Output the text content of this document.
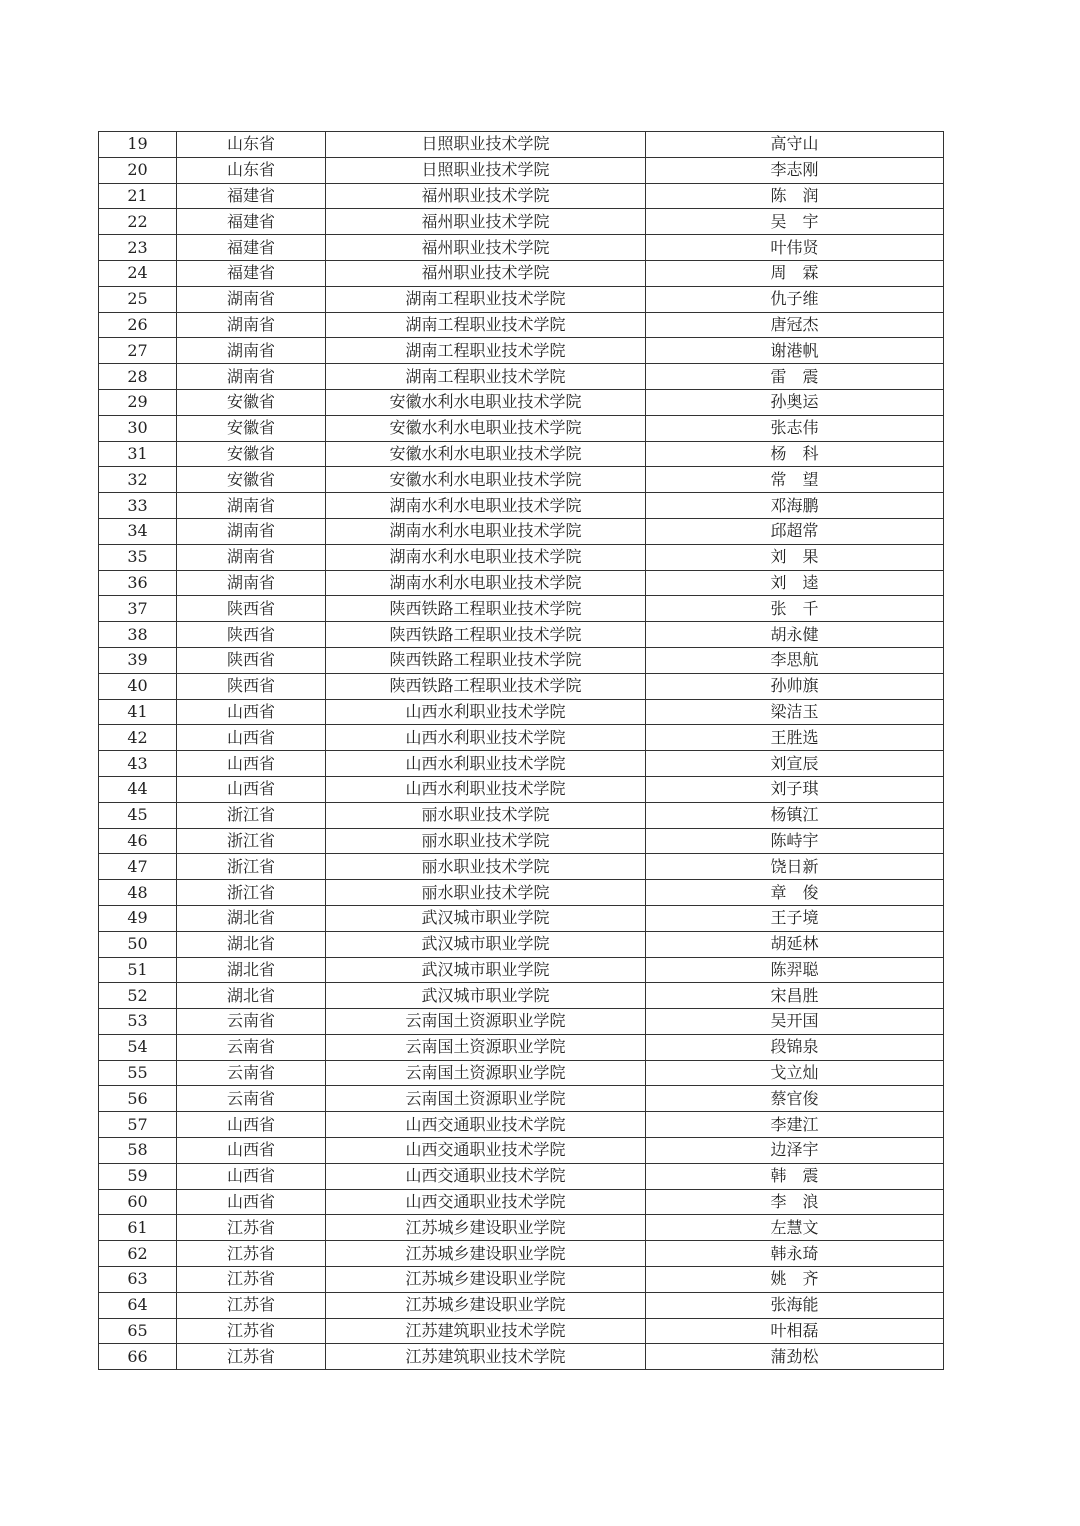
19	山东省	日照职业技术学院	高守山
20	山东省	日照职业技术学院	李志刚
21	福建省	福州职业技术学院	陈　润
22	福建省	福州职业技术学院	吴　宇
23	福建省	福州职业技术学院	叶伟贤
24	福建省	福州职业技术学院	周　霖
25	湖南省	湖南工程职业技术学院	仇子维
26	湖南省	湖南工程职业技术学院	唐冠杰
27	湖南省	湖南工程职业技术学院	谢港帆
28	湖南省	湖南工程职业技术学院	雷　震
29	安徽省	安徽水利水电职业技术学院	孙奥运
30	安徽省	安徽水利水电职业技术学院	张志伟
31	安徽省	安徽水利水电职业技术学院	杨　科
32	安徽省	安徽水利水电职业技术学院	常　望
33	湖南省	湖南水利水电职业技术学院	邓海鹏
34	湖南省	湖南水利水电职业技术学院	邱超常
35	湖南省	湖南水利水电职业技术学院	刘　果
36	湖南省	湖南水利水电职业技术学院	刘　逵
37	陕西省	陕西铁路工程职业技术学院	张　千
38	陕西省	陕西铁路工程职业技术学院	胡永健
39	陕西省	陕西铁路工程职业技术学院	李思航
40	陕西省	陕西铁路工程职业技术学院	孙帅旗
41	山西省	山西水利职业技术学院	梁洁玉
42	山西省	山西水利职业技术学院	王胜选
43	山西省	山西水利职业技术学院	刘宣辰
44	山西省	山西水利职业技术学院	刘子琪
45	浙江省	丽水职业技术学院	杨镇江
46	浙江省	丽水职业技术学院	陈峙宇
47	浙江省	丽水职业技术学院	饶日新
48	浙江省	丽水职业技术学院	章　俊
49	湖北省	武汉城市职业学院	王子境
50	湖北省	武汉城市职业学院	胡延林
51	湖北省	武汉城市职业学院	陈羿聪
52	湖北省	武汉城市职业学院	宋昌胜
53	云南省	云南国土资源职业学院	吴开国
54	云南省	云南国土资源职业学院	段锦泉
55	云南省	云南国土资源职业学院	戈立灿
56	云南省	云南国土资源职业学院	蔡官俊
57	山西省	山西交通职业技术学院	李建江
58	山西省	山西交通职业技术学院	边泽宇
59	山西省	山西交通职业技术学院	韩　震
60	山西省	山西交通职业技术学院	李　浪
61	江苏省	江苏城乡建设职业学院	左慧文
62	江苏省	江苏城乡建设职业学院	韩永琦
63	江苏省	江苏城乡建设职业学院	姚　齐
64	江苏省	江苏城乡建设职业学院	张海能
65	江苏省	江苏建筑职业技术学院	叶相磊
66	江苏省	江苏建筑职业技术学院	蒲劲松
